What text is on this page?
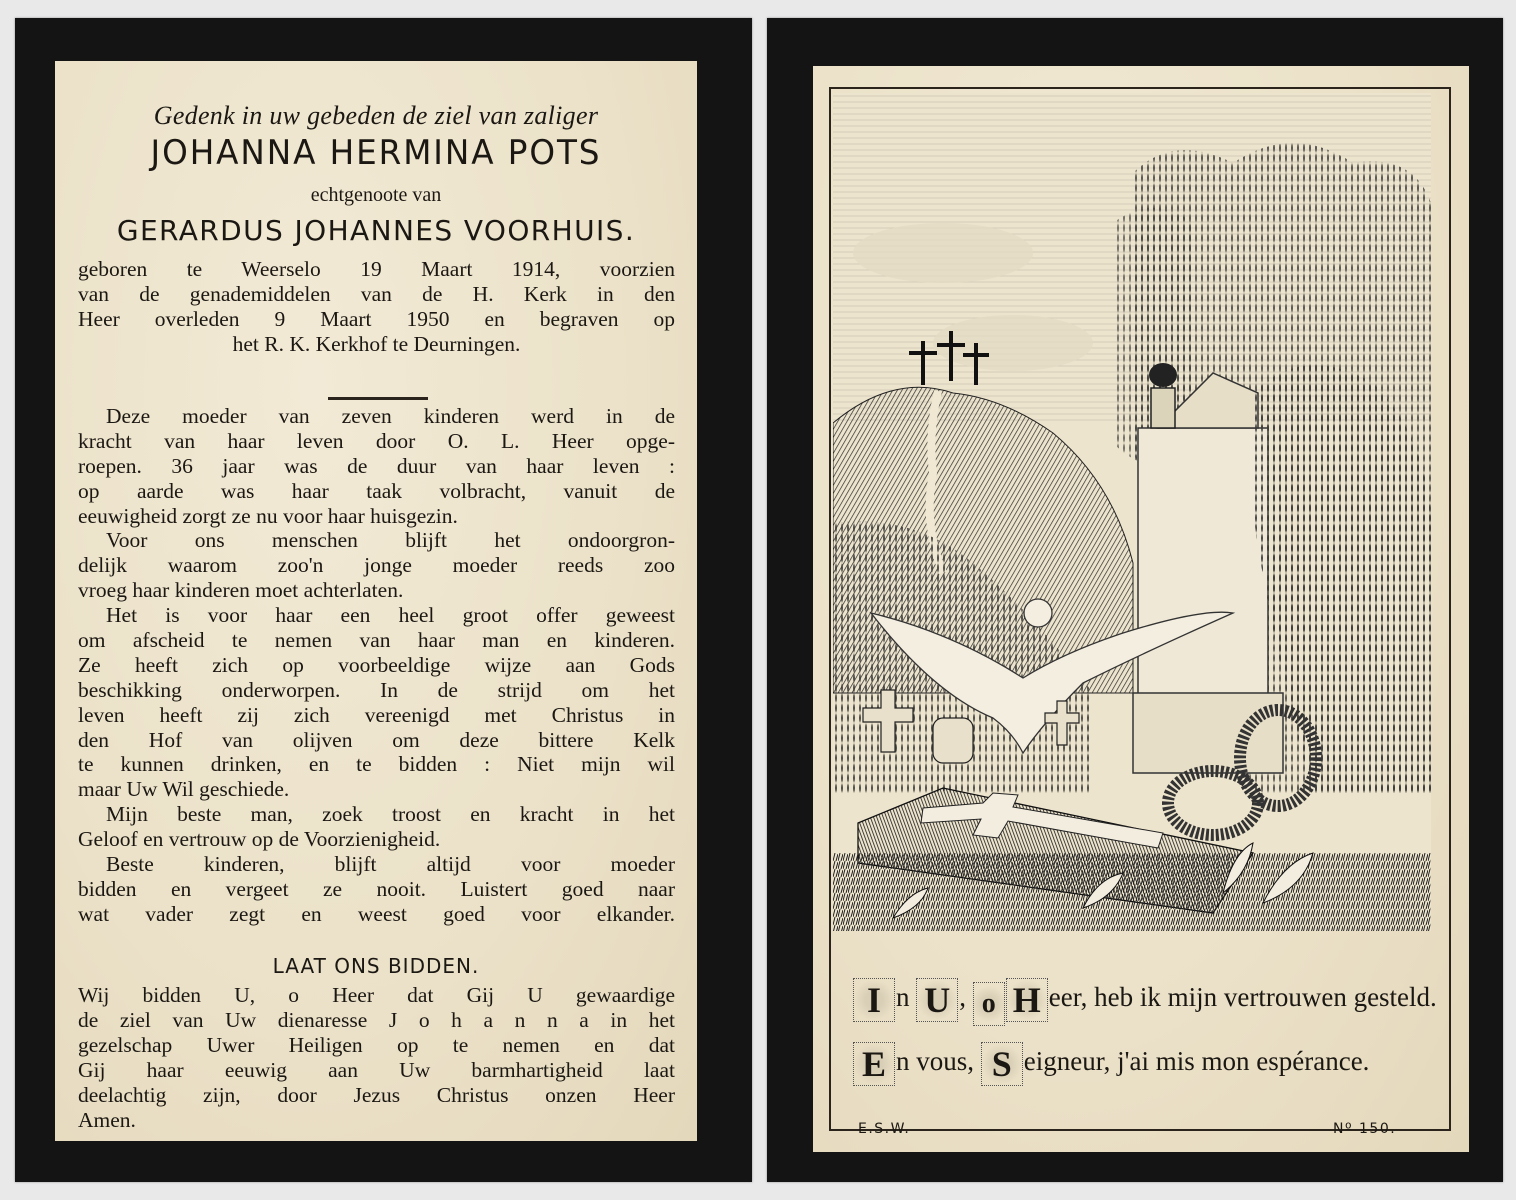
Gedenk in uw gebeden de ziel van zaliger
JOHANNA HERMINA POTS
echtgenoote van
GERARDUS JOHANNES VOORHUIS.
geboren te Weerselo 19 Maart 1914, voorzien
van de genademiddelen van de H. Kerk in den
Heer overleden 9 Maart 1950 en begraven op
het R. K. Kerkhof te Deurningen.
Deze moeder van zeven kinderen werd in de
kracht van haar leven door O. L. Heer opge-
roepen. 36 jaar was de duur van haar leven :
op aarde was haar taak volbracht, vanuit de
eeuwigheid zorgt ze nu voor haar huisgezin.
Voor ons menschen blijft het ondoorgron-
delijk waarom zoo'n jonge moeder reeds zoo
vroeg haar kinderen moet achterlaten.
Het is voor haar een heel groot offer geweest
om afscheid te nemen van haar man en kinderen.
Ze heeft zich op voorbeeldige wijze aan Gods
beschikking onderworpen. In de strijd om het
leven heeft zij zich vereenigd met Christus in
den Hof van olijven om deze bittere Kelk
te kunnen drinken, en te bidden : Niet mijn wil
maar Uw Wil geschiede.
Mijn beste man, zoek troost en kracht in het
Geloof en vertrouw op de Voorzienigheid.
Beste kinderen, blijft altijd voor moeder
bidden en vergeet ze nooit. Luistert goed naar
wat vader zegt en weest goed voor elkander.
LAAT ONS BIDDEN.
Wij bidden U, o Heer dat Gij U gewaardige
de ziel van Uw dienaresse J o h a n n a in het
gezelschap Uwer Heiligen op te nemen en dat
Gij haar eeuwig aan Uw barmhartigheid laat
deelachtig zijn, door Jezus Christus onzen Heer
Amen.
I n U , o H eer, heb ik mijn vertrouwen gesteld.
E n vous, S eigneur, j'ai mis mon espérance.
E.S.W.	Nº 150.
